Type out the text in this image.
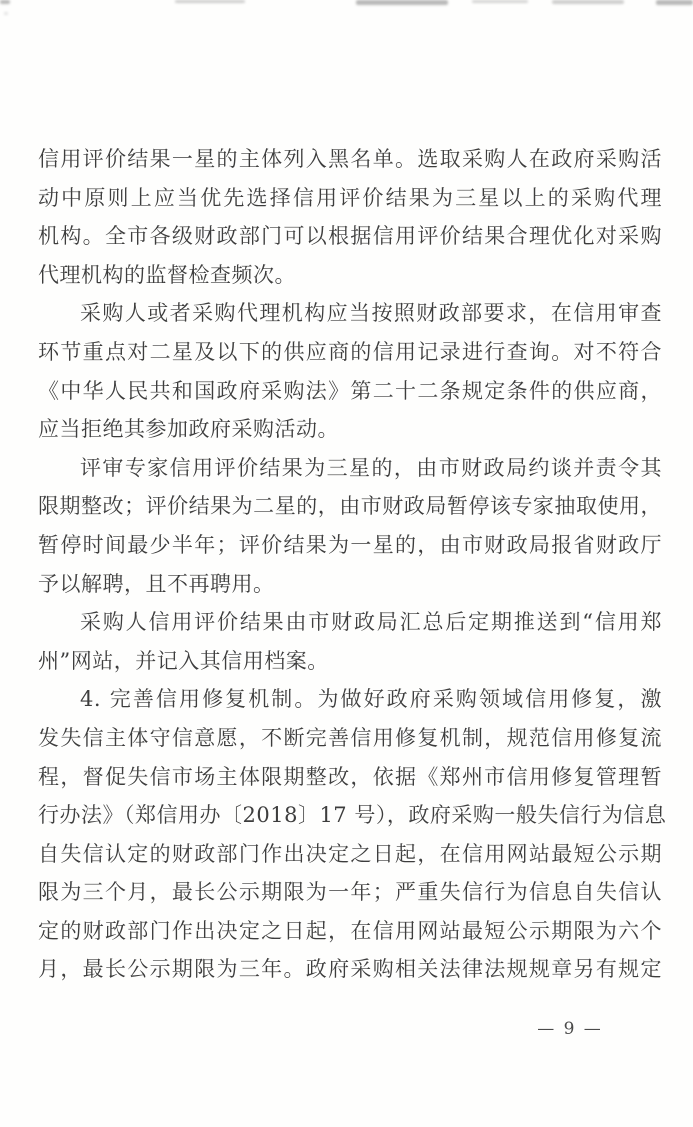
信用评价结果一星的主体列入黑名单。选取采购人在政府采购活
动中原则上应当优先选择信用评价结果为三星以上的采购代理
机构。全市各级财政部门可以根据信用评价结果合理优化对采购
代理机构的监督检查频次。
采购人或者采购代理机构应当按照财政部要求，在信用审查
环节重点对二星及以下的供应商的信用记录进行查询。对不符合
《中华人民共和国政府采购法》第二十二条规定条件的供应商，
应当拒绝其参加政府采购活动。
评审专家信用评价结果为三星的，由市财政局约谈并责令其
限期整改；评价结果为二星的，由市财政局暂停该专家抽取使用，
暂停时间最少半年；评价结果为一星的，由市财政局报省财政厅
予以解聘，且不再聘用。
采购人信用评价结果由市财政局汇总后定期推送到“信用郑
州”网站，并记入其信用档案。
4. 完善信用修复机制。为做好政府采购领域信用修复，激
发失信主体守信意愿，不断完善信用修复机制，规范信用修复流
程，督促失信市场主体限期整改，依据《郑州市信用修复管理暂
行办法》（郑信用办〔2018〕17 号），政府采购一般失信行为信息
自失信认定的财政部门作出决定之日起，在信用网站最短公示期
限为三个月，最长公示期限为一年；严重失信行为信息自失信认
定的财政部门作出决定之日起，在信用网站最短公示期限为六个
月，最长公示期限为三年。政府采购相关法律法规规章另有规定
— 9 —
